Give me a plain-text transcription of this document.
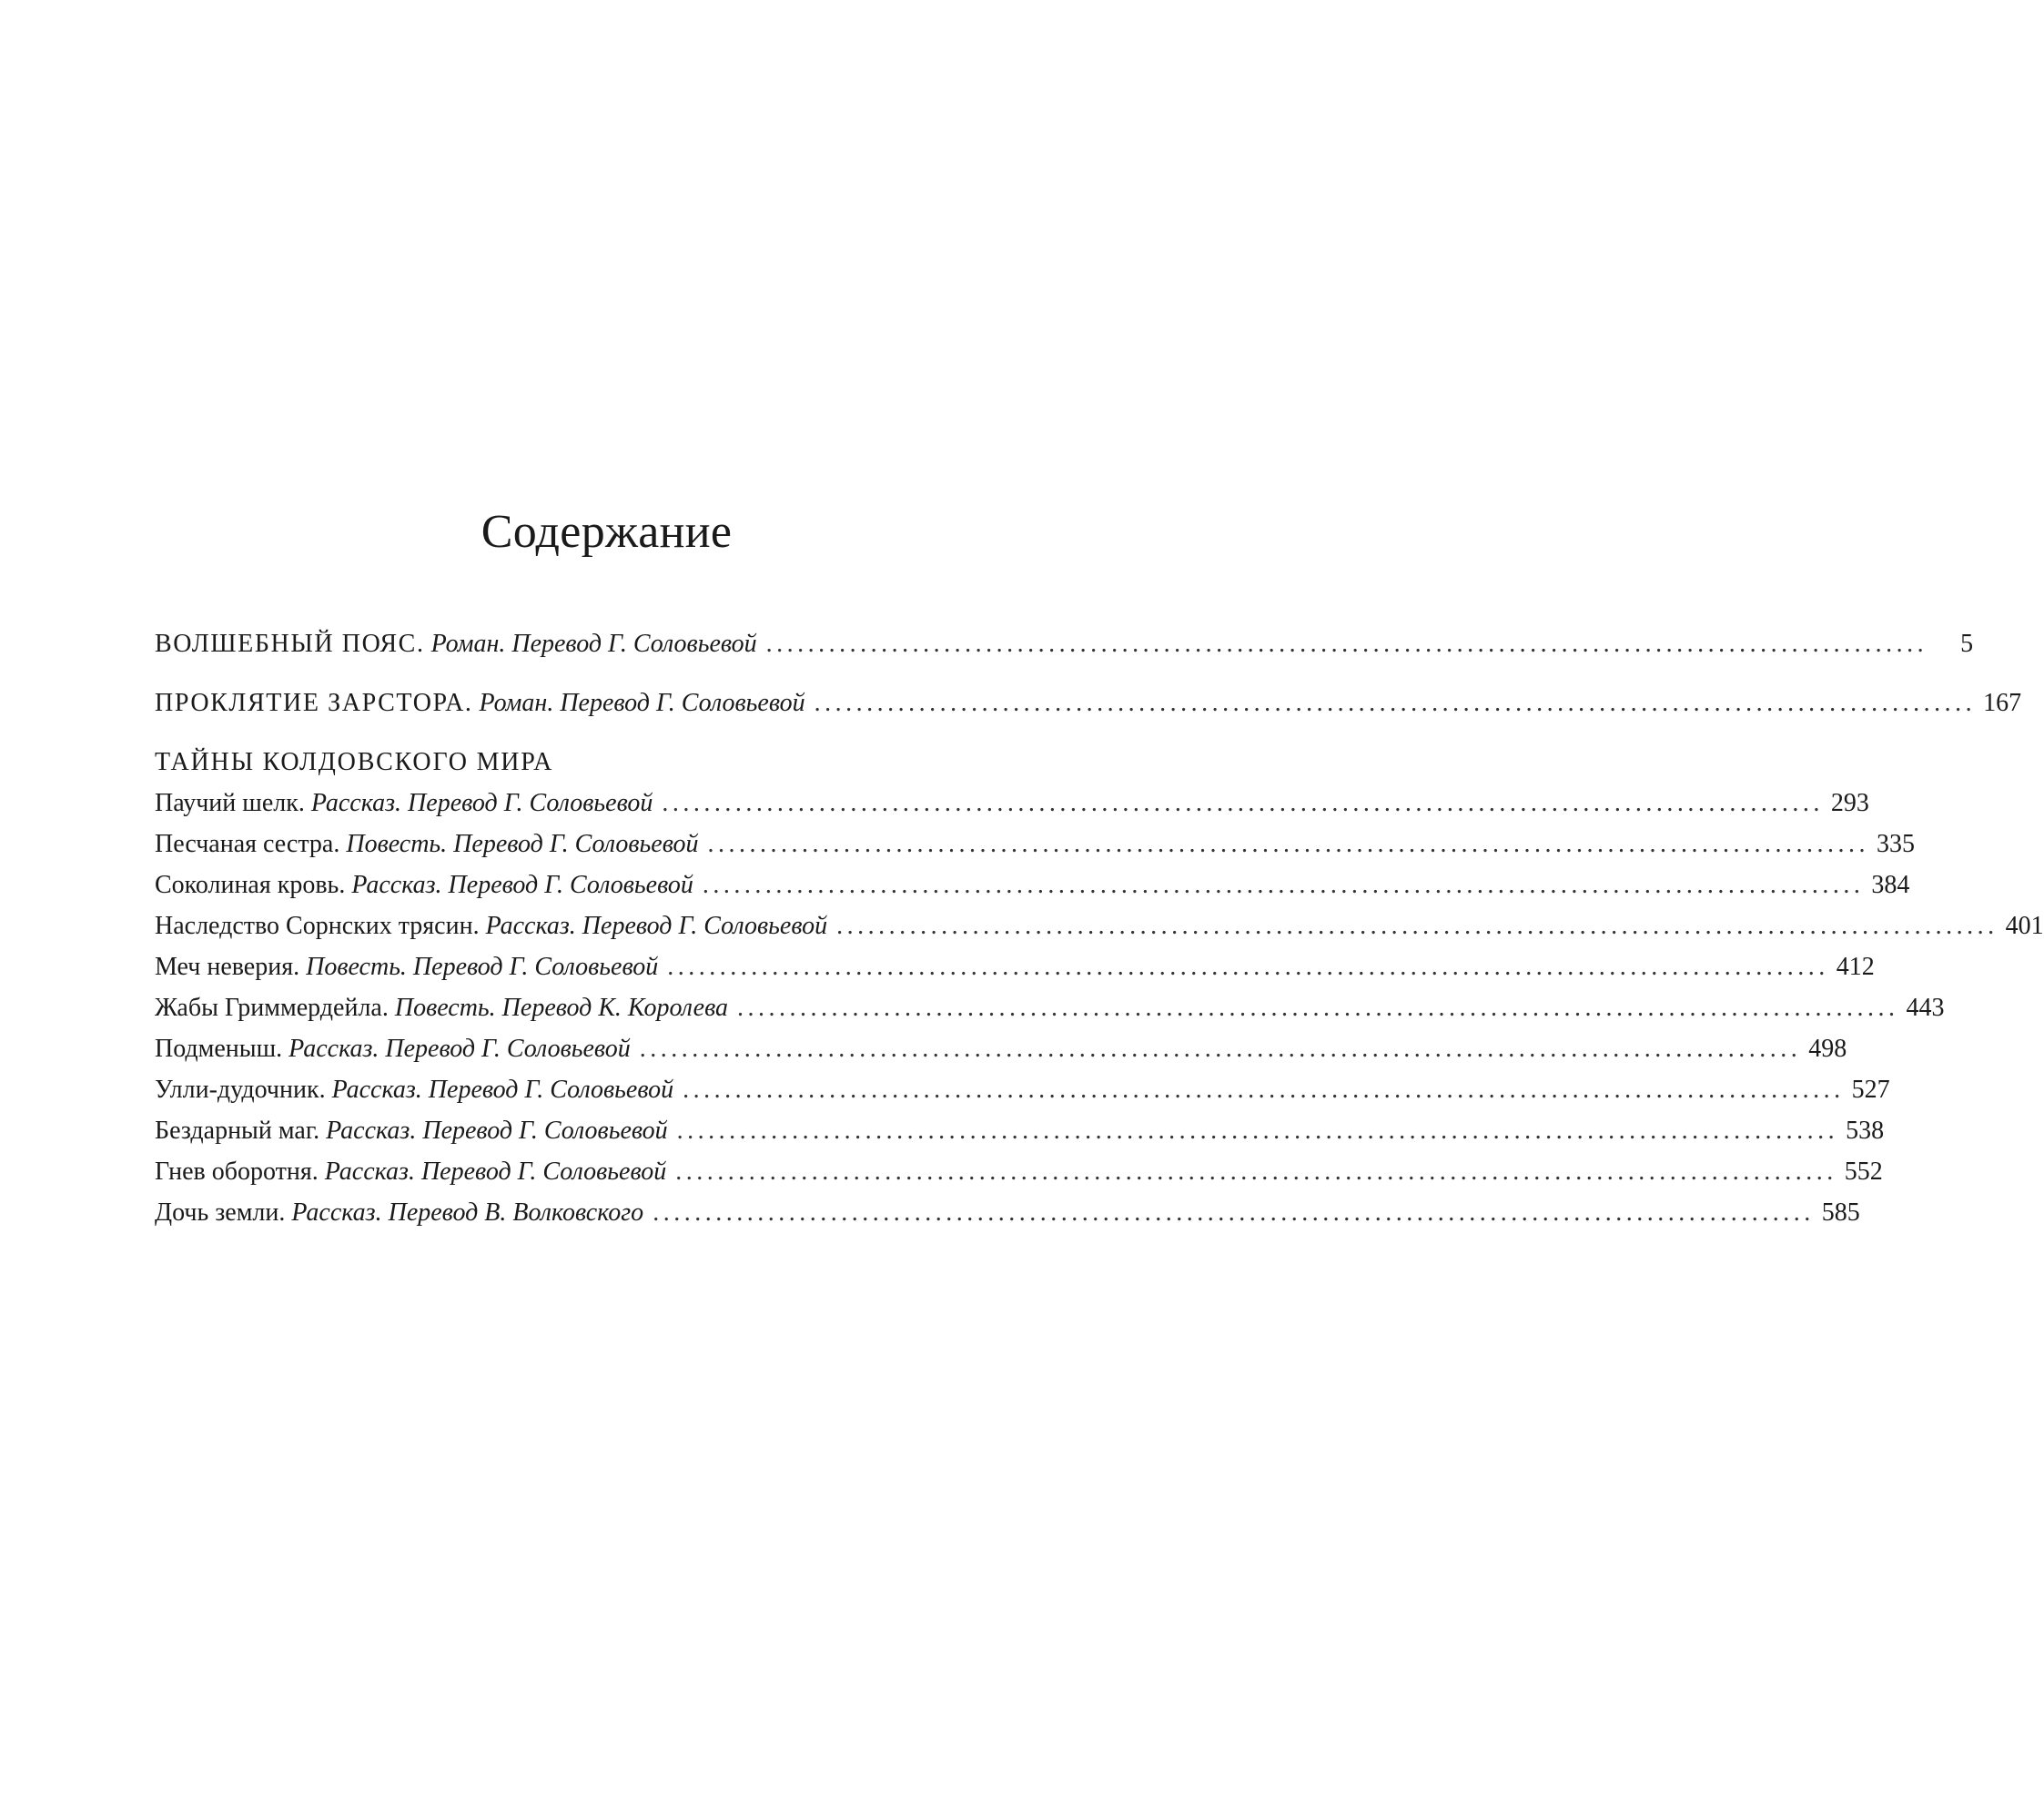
Содержание
ВОЛШЕБНЫЙ ПОЯС. Роман. Перевод Г. Соловьевой ...............................................................................................................	5
ПРОКЛЯТИЕ ЗАРСТОРА. Роман. Перевод Г. Соловьевой ............................................................................................................... 167
ТАЙНЫ КОЛДОВСКОГО МИРА
Паучий шелк. Рассказ. Перевод Г. Соловьевой ............................................................................................................... 293
Песчаная сестра. Повесть. Перевод Г. Соловьевой ............................................................................................................... 335
Соколиная кровь. Рассказ. Перевод Г. Соловьевой ............................................................................................................... 384
Наследство Сорнских трясин. Рассказ. Перевод Г. Соловьевой ............................................................................................................... 401
Меч неверия. Повесть. Перевод Г. Соловьевой ............................................................................................................... 412
Жабы Гриммердейла. Повесть. Перевод К. Королева ............................................................................................................... 443
Подменыш. Рассказ. Перевод Г. Соловьевой ............................................................................................................... 498
Улли-дудочник. Рассказ. Перевод Г. Соловьевой ............................................................................................................... 527
Бездарный маг. Рассказ. Перевод Г. Соловьевой ............................................................................................................... 538
Гнев оборотня. Рассказ. Перевод Г. Соловьевой ............................................................................................................... 552
Дочь земли. Рассказ. Перевод В. Волковского ............................................................................................................... 585
